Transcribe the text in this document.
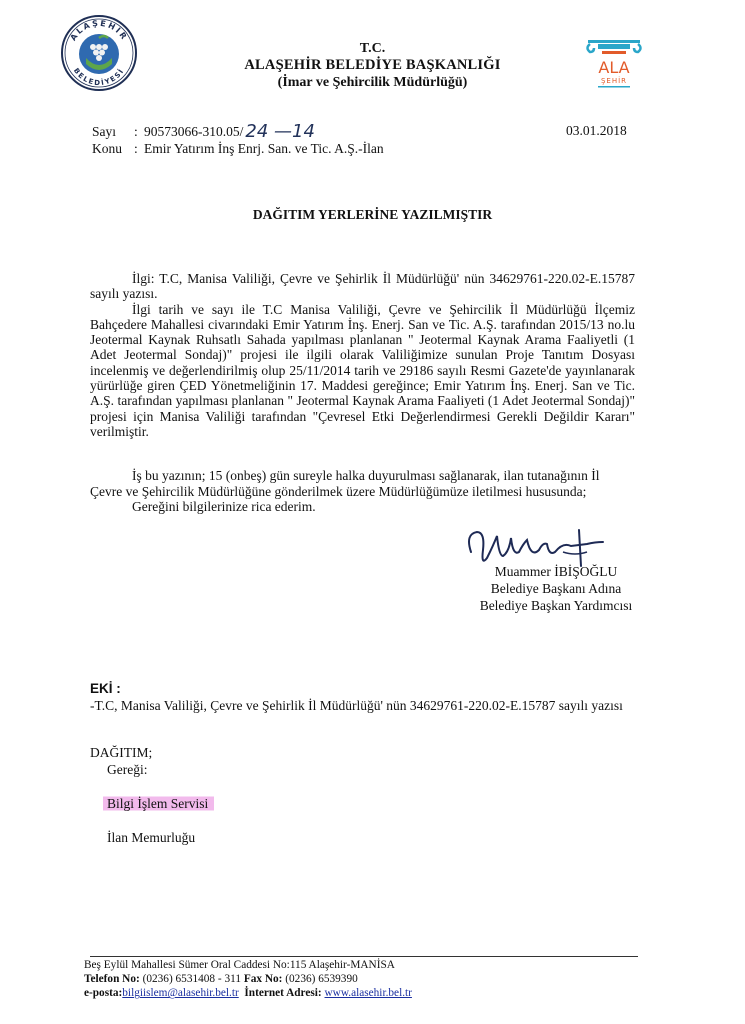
ALAŞEHİR
BELEDİYESİ
T.C.
ALAŞEHİR BELEDİYE BAŞKANLIĞI
(İmar ve Şehircilik Müdürlüğü)
ALA
ŞEHİR
Sayı	: 90573066-310.05/ 24 —14
Konu : Emir Yatırım İnş Enrj. San. ve Tic. A.Ş.-İlan
03.01.2018
DAĞITIM YERLERİNE YAZILMIŞTIR

İlgi: T.C, Manisa Valiliği, Çevre ve Şehirlik İl Müdürlüğü' nün 34629761-220.02-E.15787 sayılı yazısı.

İlgi tarih ve sayı ile T.C Manisa Valiliği, Çevre ve Şehircilik İl Müdürlüğü İlçemiz Bahçedere Mahallesi civarındaki Emir Yatırım İnş. Enerj. San ve Tic. A.Ş. tarafından 2015/13 no.lu Jeotermal Kaynak Ruhsatlı Sahada yapılması planlanan " Jeotermal Kaynak Arama Faaliyetli (1 Adet Jeotermal Sondaj)" projesi ile ilgili olarak Valiliğimize sunulan Proje Tanıtım Dosyası incelenmiş ve değerlendirilmiş olup 25/11/2014 tarih ve 29186 sayılı Resmi Gazete'de yayınlanarak yürürlüğe giren ÇED Yönetmeliğinin 17. Maddesi gereğince; Emir Yatırım İnş. Enerj. San ve Tic. A.Ş. tarafından yapılması planlanan " Jeotermal Kaynak Arama Faaliyeti (1 Adet Jeotermal Sondaj)" projesi için Manisa Valiliği tarafından "Çevresel Etki Değerlendirmesi Gerekli Değildir Kararı" verilmiştir.

İş bu yazının; 15 (onbeş) gün sureyle halka duyurulması sağlanarak, ilan tutanağının İl Çevre ve Şehircilik Müdürlüğüne gönderilmek üzere Müdürlüğümüze iletilmesi hususunda;

Gereğini bilgilerinize rica ederim.

Muammer İBİŞOĞLU
Belediye Başkanı Adına
Belediye Başkan Yardımcısı
EKİ :
-T.C, Manisa Valiliği, Çevre ve Şehirlik İl Müdürlüğü' nün 34629761-220.02-E.15787 sayılı yazısı
DAĞITIM;
Gereği:
Bilgi İşlem Servisi
İlan Memurluğu
Beş Eylül Mahallesi Sümer Oral Caddesi No:115 Alaşehir-MANİSA
Telefon No: (0236) 6531408 - 311 Fax No: (0236) 6539390
e-posta:bilgiislem@alasehir.bel.tr İnternet Adresi: www.alasehir.bel.tr
